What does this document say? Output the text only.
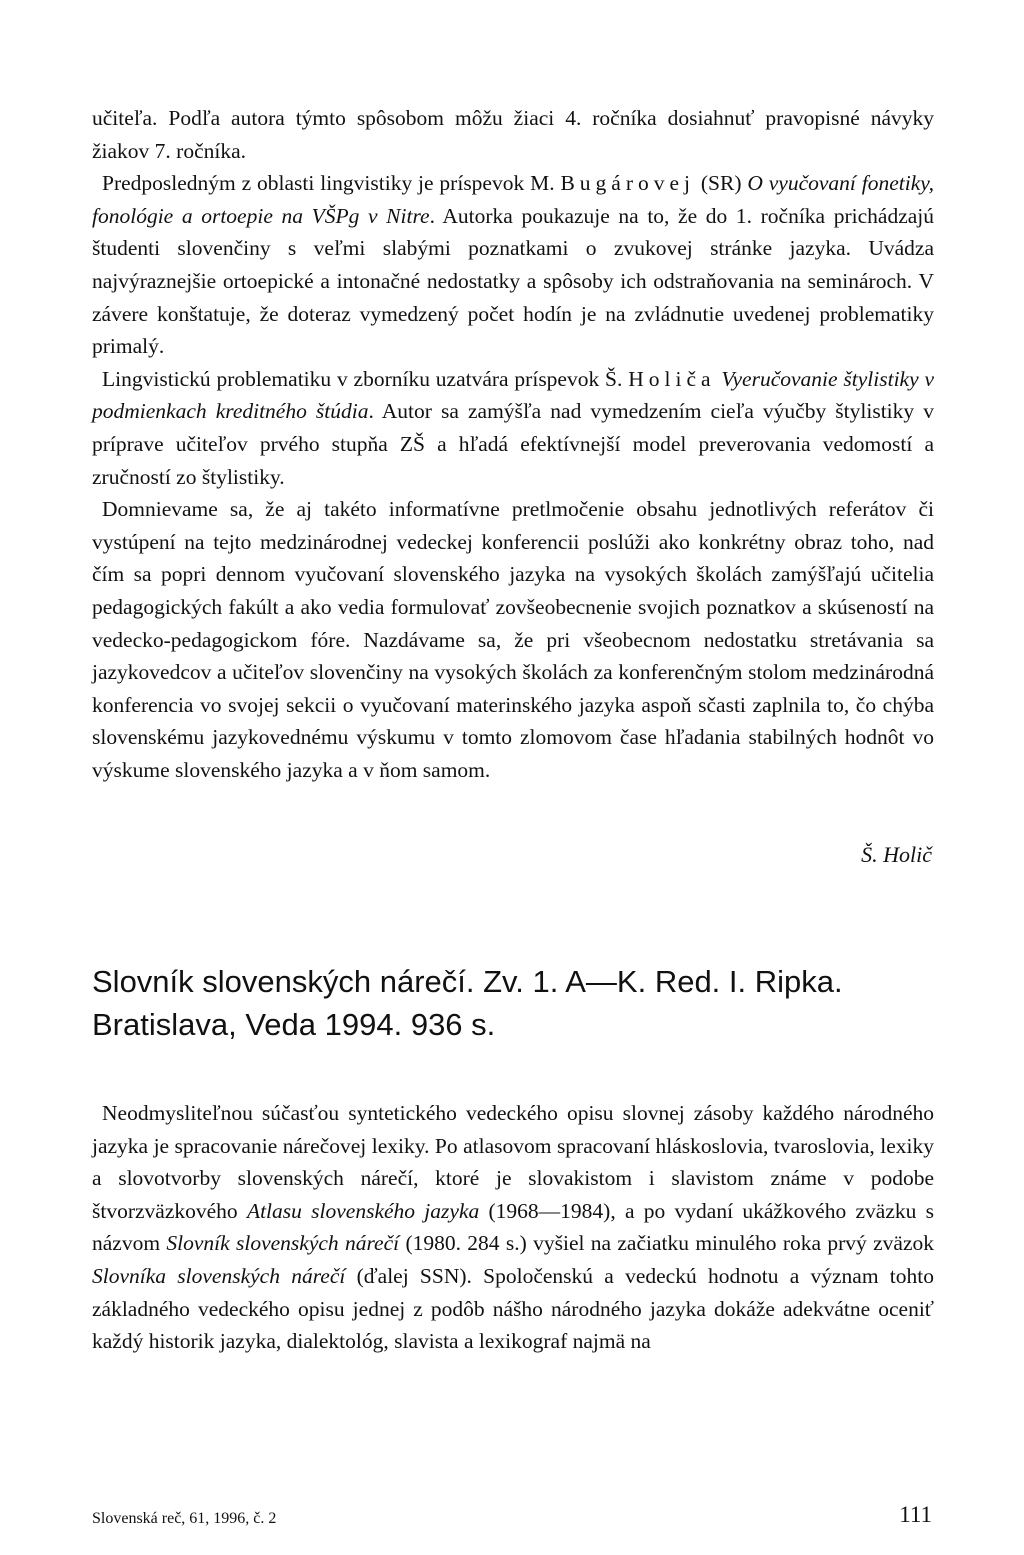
učiteľa. Podľa autora týmto spôsobom môžu žiaci 4. ročníka dosiahnuť pravopisné návyky žiakov 7. ročníka.

Predposledným z oblasti lingvistiky je príspevok M. Bugárovej (SR) O vyučovaní fonetiky, fonológie a ortoepie na VŠPg v Nitre. Autorka poukazuje na to, že do 1. ročníka prichádzajú študenti slovenčiny s veľmi slabými poznatkami o zvukovej stránke jazyka. Uvádza najvýraznejšie ortoepické a intonačné nedostatky a spôsoby ich odstraňovania na seminároch. V závere konštatuje, že doteraz vymedzený počet hodín je na zvládnutie uvedenej problematiky primalý.

Lingvistickú problematiku v zborníku uzatvára príspevok Š. Holiča Vyeručovanie štylistiky v podmienkach kreditného štúdia. Autor sa zamýšľa nad vymedzením cieľa výučby štylistiky v príprave učiteľov prvého stupňa ZŠ a hľadá efektívnejší model preverovania vedomostí a zručností zo štylistiky.

Domnievame sa, že aj takéto informatívne pretlmočenie obsahu jednotlivých referátov či vystúpení na tejto medzinárodnej vedeckej konferencii poslúži ako konkrétny obraz toho, nad čím sa popri dennom vyučovaní slovenského jazyka na vysokých školách zamýšľajú učitelia pedagogických fakúlt a ako vedia formulovať zovšeobecnenie svojich poznatkov a skúseností na vedecko-pedagogickom fóre. Nazdávame sa, že pri všeobecnom nedostatku stretávania sa jazykovedcov a učiteľov slovenčiny na vysokých školách za konferenčným stolom medzinárodná konferencia vo svojej sekcii o vyučovaní materinského jazyka aspoň sčasti zaplnila to, čo chýba slovenskému jazykovednému výskumu v tomto zlomovom čase hľadania stabilných hodnôt vo výskume slovenského jazyka a v ňom samom.

Š. Holič
Slovník slovenských nárečí. Zv. 1. A—K. Red. I. Ripka.
Bratislava, Veda 1994. 936 s.

Neodmysliteľnou súčasťou syntetického vedeckého opisu slovnej zásoby každého národného jazyka je spracovanie nárečovej lexiky. Po atlasovom spracovaní hláskoslovia, tvaroslovia, lexiky a slovotvorby slovenských nárečí, ktoré je slovakistom i slavistom známe v podobe štvorzväzkového Atlasu slovenského jazyka (1968—1984), a po vydaní ukážkového zväzku s názvom Slovník slovenských nárečí (1980. 284 s.) vyšiel na začiatku minulého roka prvý zväzok Slovníka slovenských nárečí (ďalej SSN). Spoločenskú a vedeckú hodnotu a význam tohto základného vedeckého opisu jednej z podôb nášho národného jazyka dokáže adekvátne oceniť každý historik jazyka, dialektológ, slavista a lexikograf najmä na

Slovenská reč, 61, 1996, č. 2	111
